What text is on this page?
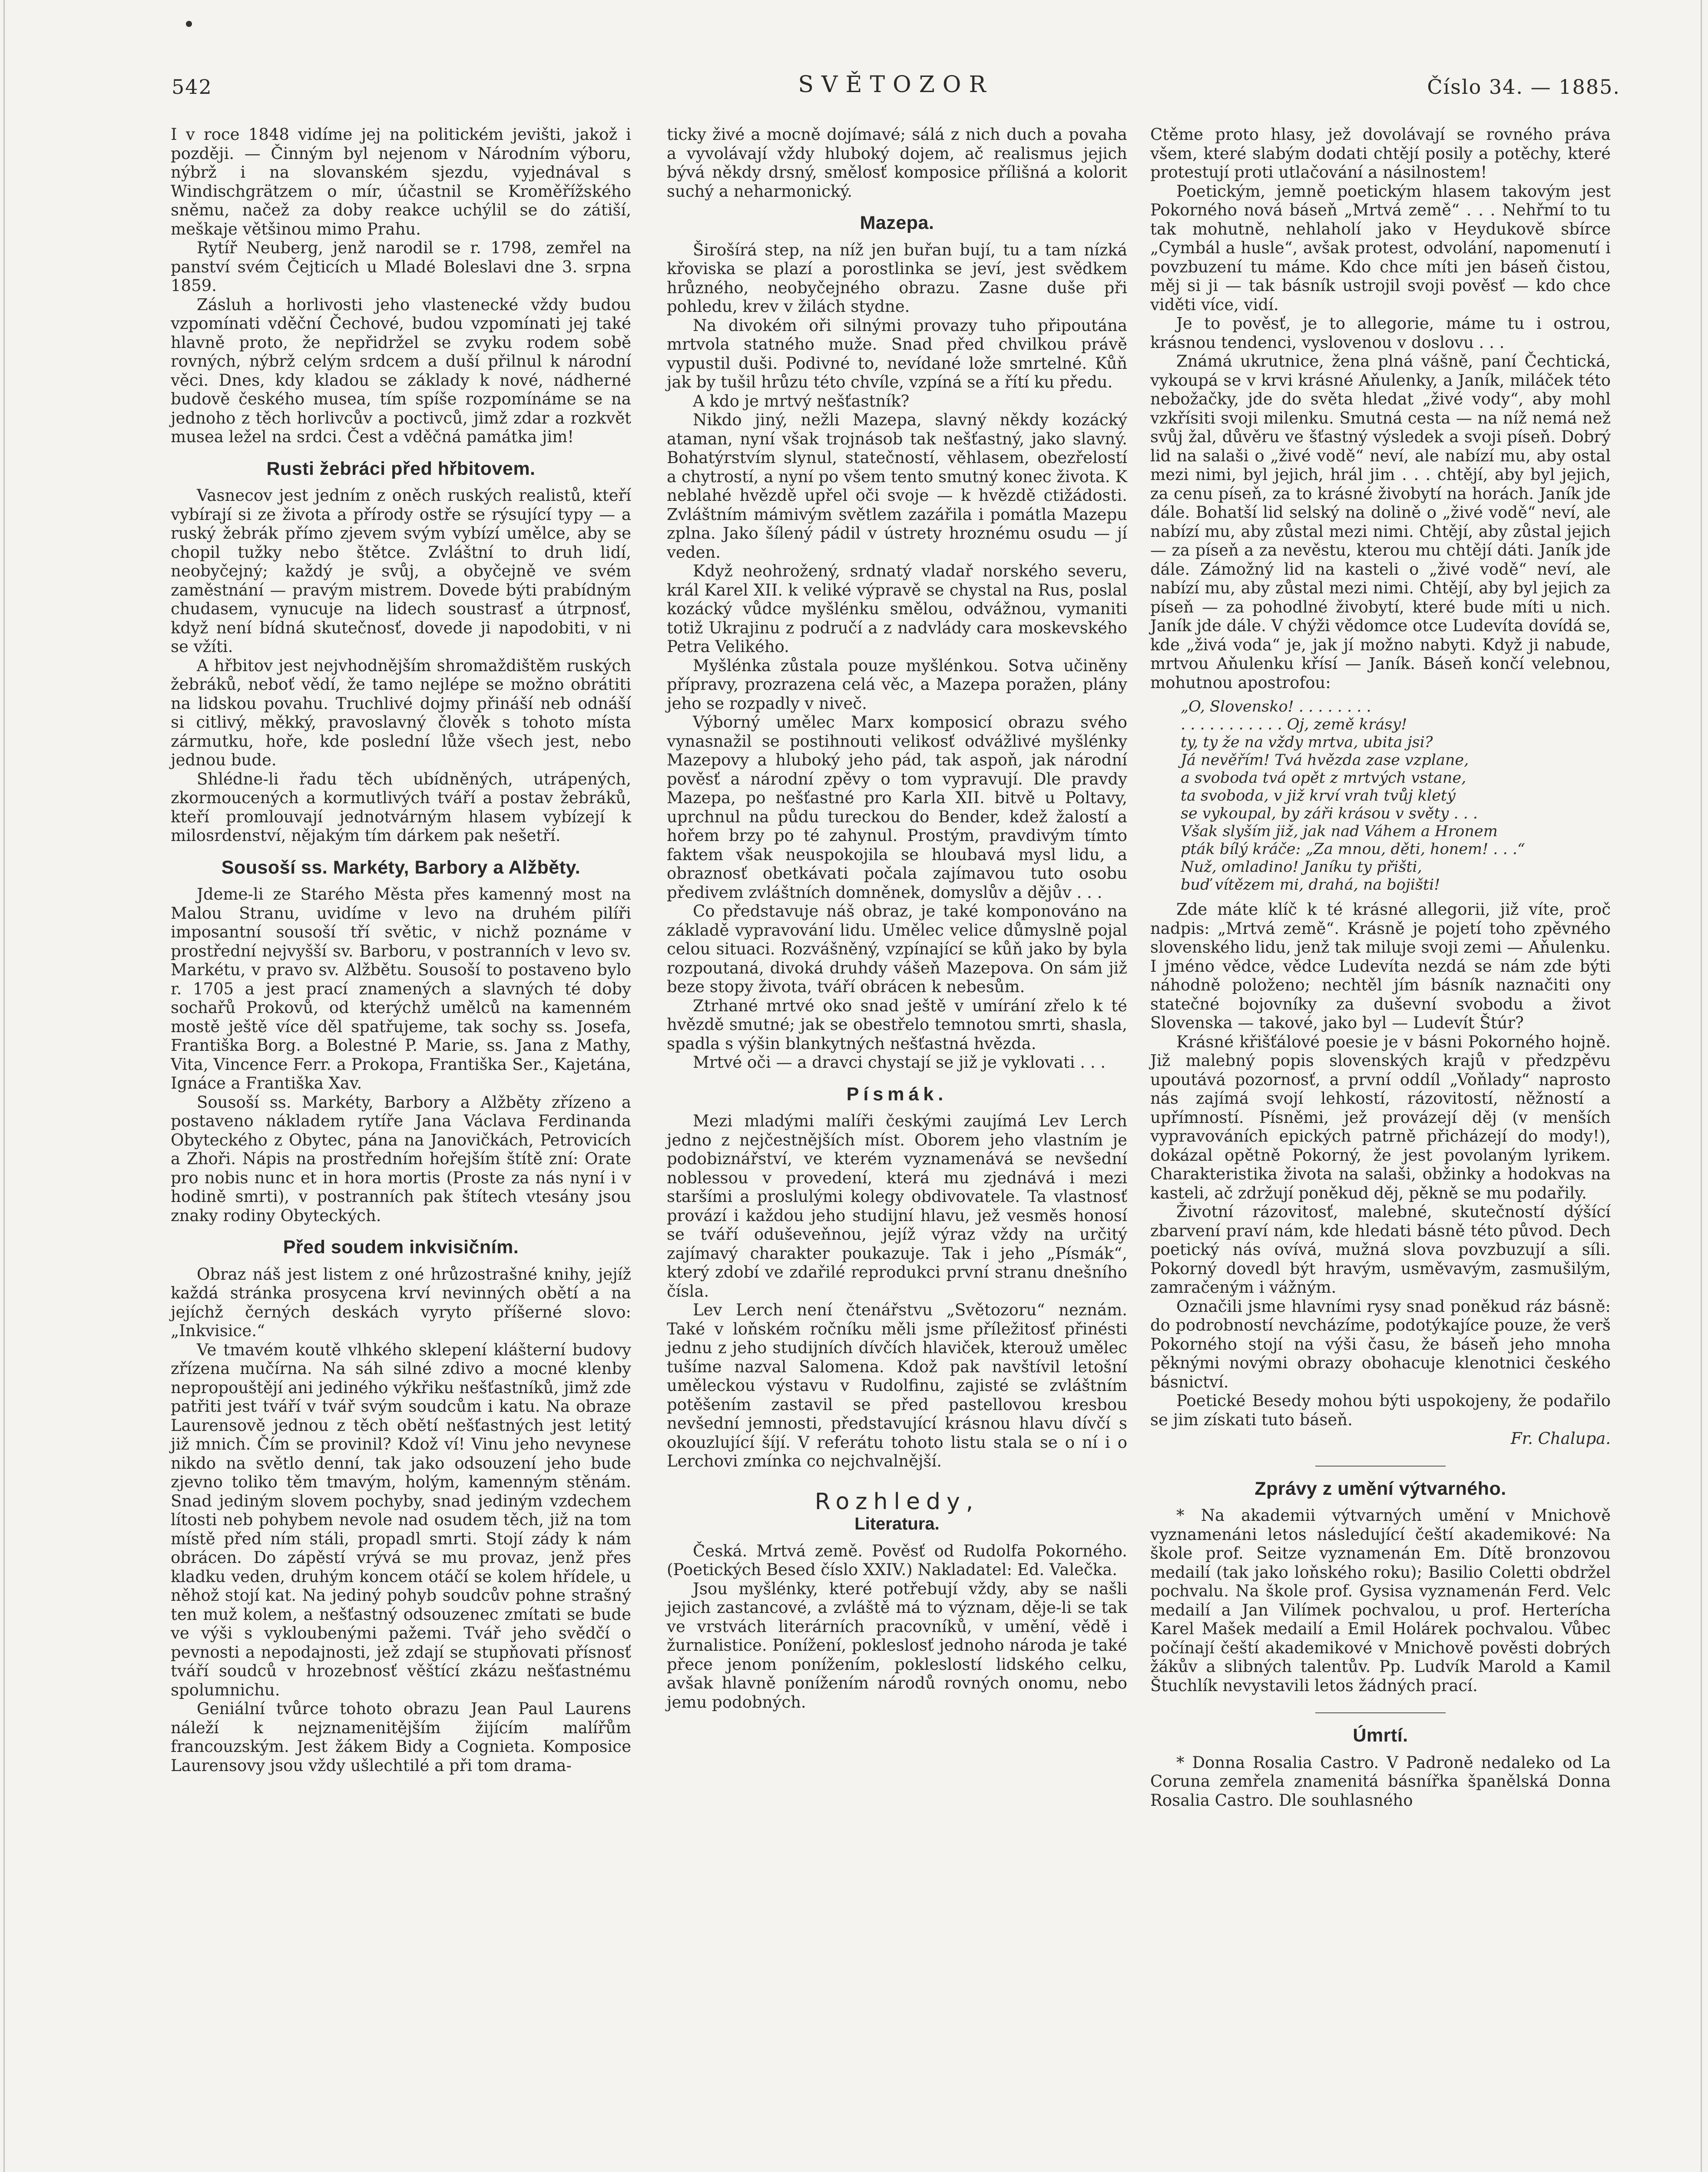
542	SVĚTOZOR	Číslo 34. — 1885.

I v roce 1848 vidíme jej na politickém jevišti, jakož i později. — Činným byl nejenom v Národním výboru, nýbrž i na slovanském sjezdu, vyjednával s Windischgrätzem o mír, účastnil se Kroměřížského sněmu, načež za doby reakce uchýlil se do zátiší, meškaje většinou mimo Prahu.

Rytíř Neuberg, jenž narodil se r. 1798, zemřel na panství svém Čejticích u Mladé Boleslavi dne 3. srpna 1859.

Zásluh a horlivosti jeho vlastenecké vždy budou vzpomínati vděční Čechové, budou vzpomínati jej také hlavně proto, že nepřidržel se zvyku rodem sobě rovných, nýbrž celým srdcem a duší přilnul k národní věci. Dnes, kdy kladou se základy k nové, nádherné budově českého musea, tím spíše rozpomínáme se na jednoho z těch horlivcův a poctivců, jimž zdar a rozkvět musea ležel na srdci. Čest a vděčná památka jim!

Rusti žebráci před hřbitovem.

Vasnecov jest jedním z oněch ruských realistů, kteří vybírají si ze života a přírody ostře se rýsující typy — a ruský žebrák přímo zjevem svým vybízí umělce, aby se chopil tužky nebo štětce. Zvláštní to druh lidí, neobyčejný; každý je svůj, a obyčejně ve svém zaměstnání — pravým mistrem. Dovede býti prabídným chudasem, vynucuje na lidech soustrasť a útrpnosť, když není bídná skutečnosť, dovede ji napodobiti, v ni se vžíti.

A hřbitov jest nejvhodnějším shromaždištěm ruských žebráků, neboť vědí, že tamo nejlépe se možno obrátiti na lidskou povahu. Truchlivé dojmy přináší neb odnáší si citlivý, měkký, pravoslavný člověk s tohoto místa zármutku, hoře, kde poslední lůže všech jest, nebo jednou bude.

Shlédne-li řadu těch ubídněných, utrápených, zkormoucených a kormutlivých tváří a postav žebráků, kteří promlouvají jednotvárným hlasem vybízejí k milosrdenství, nějakým tím dárkem pak nešetří.

Sousoší ss. Markéty, Barbory a Alžběty.

Jdeme-li ze Starého Města přes kamenný most na Malou Stranu, uvidíme v levo na druhém pilíři imposantní sousoší tří světic, v nichž poznáme v prostřední nejvyšší sv. Barboru, v postranních v levo sv. Markétu, v pravo sv. Alžbětu. Sousoší to postaveno bylo r. 1705 a jest prací znamených a slavných té doby sochařů Prokovů, od kterýchž umělců na kamenném mostě ještě více děl spatřujeme, tak sochy ss. Josefa, Františka Borg. a Bolestné P. Marie, ss. Jana z Mathy, Vita, Vincence Ferr. a Prokopa, Františka Ser., Kajetána, Ignáce a Františka Xav.

Sousoší ss. Markéty, Barbory a Alžběty zřízeno a postaveno nákladem rytíře Jana Václava Ferdinanda Obyteckého z Obytec, pána na Janovičkách, Petrovicích a Zhoři. Nápis na prostředním hořejším štítě zní: Orate pro nobis nunc et in hora mortis (Proste za nás nyní i v hodině smrti), v postranních pak štítech vtesány jsou znaky rodiny Obyteckých.

Před soudem inkvisičním.

Obraz náš jest listem z oné hrůzostrašné knihy, jejíž každá stránka prosycena krví nevinných obětí a na jejíchž černých deskách vyryto příšerné slovo: „Inkvisice.“

Ve tmavém koutě vlhkého sklepení klášterní budovy zřízena mučírna. Na sáh silné zdivo a mocné klenby nepropouštějí ani jediného výkřiku nešťastníků, jimž zde patřiti jest tváří v tvář svým soudcům i katu. Na obraze Laurensově jednou z těch obětí nešťastných jest letitý již mnich. Čím se provinil? Kdož ví! Vinu jeho nevynese nikdo na světlo denní, tak jako odsouzení jeho bude zjevno toliko těm tmavým, holým, kamenným stěnám. Snad jediným slovem pochyby, snad jediným vzdechem lítosti neb pohybem nevole nad osudem těch, již na tom místě před ním stáli, propadl smrti. Stojí zády k nám obrácen. Do zápěstí vrývá se mu provaz, jenž přes kladku veden, druhým koncem otáčí se kolem hřídele, u něhož stojí kat. Na jediný pohyb soudcův pohne strašný ten muž kolem, a nešťastný odsouzenec zmítati se bude ve výši s vykloubenými pažemi. Tvář jeho svědčí o pevnosti a nepodajnosti, jež zdají se stupňovati přísnosť tváří soudců v hrozebnosť věštící zkázu nešťastnému spolumnichu.

Geniální tvůrce tohoto obrazu Jean Paul Laurens náleží k nejznamenitějším žijícím malířům francouzským. Jest žákem Bidy a Cognieta. Komposice Laurensovy jsou vždy ušlechtilé a při tom drama-

ticky živé a mocně dojímavé; sálá z nich duch a povaha a vyvolávají vždy hluboký dojem, ač realismus jejich bývá někdy drsný, smělosť komposice přílišná a kolorit suchý a neharmonický.

Mazepa.

Širošírá step, na níž jen buřan bují, tu a tam nízká křoviska se plazí a porostlinka se jeví, jest svědkem hrůzného, neobyčejného obrazu. Zasne duše při pohledu, krev v žilách stydne.

Na divokém oři silnými provazy tuho připoutána mrtvola statného muže. Snad před chvilkou právě vypustil duši. Podivné to, nevídané lože smrtelné. Kůň jak by tušil hrůzu této chvíle, vzpíná se a řítí ku předu.

A kdo je mrtvý nešťastník?

Nikdo jiný, nežli Mazepa, slavný někdy kozácký ataman, nyní však trojnásob tak nešťastný, jako slavný. Bohatýrstvím slynul, statečností, věhlasem, obezřelostí a chytrostí, a nyní po všem tento smutný konec života. K neblahé hvězdě upřel oči svoje — k hvězdě ctižádosti. Zvláštním mámivým světlem zazářila i pomátla Mazepu zplna. Jako šílený pádil v ústrety hroznému osudu — jí veden.

Když neohrožený, srdnatý vladař norského severu, král Karel XII. k veliké výpravě se chystal na Rus, poslal kozácký vůdce myšlénku smělou, odvážnou, vymaniti totiž Ukrajinu z područí a z nadvlády cara moskevského Petra Velikého.

Myšlénka zůstala pouze myšlénkou. Sotva učiněny přípravy, prozrazena celá věc, a Mazepa poražen, plány jeho se rozpadly v niveč.

Výborný umělec Marx komposicí obrazu svého vynasnažil se postihnouti velikosť odvážlivé myšlénky Mazepovy a hluboký jeho pád, tak aspoň, jak národní pověsť a národní zpěvy o tom vypravují. Dle pravdy Mazepa, po nešťastné pro Karla XII. bitvě u Poltavy, uprchnul na půdu tureckou do Bender, kdež žalostí a hořem brzy po té zahynul. Prostým, pravdivým tímto faktem však neuspokojila se hloubavá mysl lidu, a obraznosť obetkávati počala zajímavou tuto osobu předivem zvláštních domněnek, domyslův a dějův . . .

Co představuje náš obraz, je také komponováno na základě vypravování lidu. Umělec velice důmyslně pojal celou situaci. Rozvášněný, vzpínající se kůň jako by byla rozpoutaná, divoká druhdy vášeň Mazepova. On sám již beze stopy života, tváří obrácen k nebesům.

Ztrhané mrtvé oko snad ještě v umírání zřelo k té hvězdě smutné; jak se obestřelo temnotou smrti, shasla, spadla s výšin blankytných nešťastná hvězda.

Mrtvé oči — a dravci chystají se již je vyklovati . . .

Písmák.

Mezi mladými malíři českými zaujímá Lev Lerch jedno z nejčestnějších míst. Oborem jeho vlastním je podobiznářství, ve kterém vyznamenává se nevšední noblessou v provedení, která mu zjednává i mezi staršími a proslulými kolegy obdivovatele. Ta vlastnosť provází i každou jeho studijní hlavu, jež vesměs honosí se tváří oduševeňnou, jejíž výraz vždy na určitý zajímavý charakter poukazuje. Tak i jeho „Písmák“, který zdobí ve zdařilé reprodukci první stranu dnešního čísla.

Lev Lerch není čtenářstvu „Světozoru“ neznám. Také v loňském ročníku měli jsme příležitosť přinésti jednu z jeho studijních dívčích hlaviček, kterouž umělec tušíme nazval Salomena. Kdož pak navštívil letošní uměleckou výstavu v Rudolfinu, zajisté se zvláštním potěšením zastavil se před pastellovou kresbou nevšední jemnosti, představující krásnou hlavu dívčí s okouzlující šíjí. V referátu tohoto listu stala se o ní i o Lerchovi zmínka co nejchvalnější.

Rozhledy,
Literatura.

Česká. Mrtvá země. Pověsť od Rudolfa Pokorného. (Poetických Besed číslo XXIV.) Nakladatel: Ed. Valečka.

Jsou myšlénky, které potřebují vždy, aby se našli jejich zastancové, a zvláště má to význam, děje-li se tak ve vrstvách literárních pracovníků, v umění, vědě i žurnalistice. Ponížení, pokleslosť jednoho národa je také přece jenom ponížením, pokleslostí lidského celku, avšak hlavně ponížením národů rovných onomu, nebo jemu podobných.

Ctěme proto hlasy, jež dovolávají se rovného práva všem, které slabým dodati chtějí posily a potěchy, které protestují proti utlačování a násilnostem!

Poetickým, jemně poetickým hlasem takovým jest Pokorného nová báseň „Mrtvá země“ . . . Nehřmí to tu tak mohutně, nehlaholí jako v Heydukově sbírce „Cymbál a husle“, avšak protest, odvolání, napomenutí i povzbuzení tu máme. Kdo chce míti jen báseň čistou, měj si ji — tak básník ustrojil svoji pověsť — kdo chce viděti více, vidí.

Je to pověsť, je to allegorie, máme tu i ostrou, krásnou tendenci, vyslovenou v doslovu . . .

Známá ukrutnice, žena plná vášně, paní Čechtická, vykoupá se v krvi krásné Aňulenky, a Janík, miláček této nebožačky, jde do světa hledat „živé vody“, aby mohl vzkřísiti svoji milenku. Smutná cesta — na níž nemá než svůj žal, důvěru ve šťastný výsledek a svoji píseň. Dobrý lid na salaši o „živé vodě“ neví, ale nabízí mu, aby ostal mezi nimi, byl jejich, hrál jim . . . chtějí, aby byl jejich, za cenu píseň, za to krásné živobytí na horách. Janík jde dále. Bohatší lid selský na dolině o „živé vodě“ neví, ale nabízí mu, aby zůstal mezi nimi. Chtějí, aby zůstal jejich — za píseň a za nevěstu, kterou mu chtějí dáti. Janík jde dále. Zámožný lid na kasteli o „živé vodě“ neví, ale nabízí mu, aby zůstal mezi nimi. Chtějí, aby byl jejich za píseň — za pohodlné živobytí, které bude míti u nich. Janík jde dále. V chýži vědomce otce Ludevíta dovídá se, kde „živá voda“ je, jak jí možno nabyti. Když ji nabude, mrtvou Aňulenku křísí — Janík. Báseň končí velebnou, mohutnou apostrofou:

„O, Slovensko! . . . . . . . .
. . . . . . . . . . . Oj, země krásy!
ty, ty že na vždy mrtva, ubita jsi?
Já nevěřím! Tvá hvězda zase vzplane,
a svoboda tvá opět z mrtvých vstane,
ta svoboda, v již krví vrah tvůj kletý
se vykoupal, by záři krásou v světy . . .
Však slyším již, jak nad Váhem a Hronem
pták bílý kráče: „Za mnou, děti, honem! . . .“
Nuž, omladino! Janíku ty přišti,
buď vítězem mi, drahá, na bojišti!

Zde máte klíč k té krásné allegorii, již víte, proč nadpis: „Mrtvá země“. Krásně je pojetí toho zpěvného slovenského lidu, jenž tak miluje svoji zemi — Aňulenku. I jméno vědce, vědce Ludevíta nezdá se nám zde býti náhodně položeno; nechtěl jím básník naznačiti ony statečné bojovníky za duševní svobodu a život Slovenska — takové, jako byl — Ludevít Štúr?

Krásné křišťálové poesie je v básni Pokorného hojně. Již malebný popis slovenských krajů v předzpěvu upoutává pozornosť, a první oddíl „Voňlady“ naprosto nás zajímá svojí lehkostí, rázovitostí, něžností a upřímností. Písněmi, jež provázejí děj (v menších vypravováních epických patrně přicházejí do mody!), dokázal opětně Pokorný, že jest povolaným lyrikem. Charakteristika života na salaši, obžinky a hodokvas na kasteli, ač zdržují poněkud děj, pěkně se mu podařily.

Životní rázovitosť, malebné, skutečností dýšící zbarvení praví nám, kde hledati básně této původ. Dech poetický nás ovívá, mužná slova povzbuzují a síli. Pokorný dovedl být hravým, usměvavým, zasmušilým, zamračeným i vážným.

Označili jsme hlavními rysy snad poněkud ráz básně: do podrobností nevcházíme, podotýkajíce pouze, že verš Pokorného stojí na výši času, že báseň jeho mnoha pěknými novými obrazy obohacuje klenotnici českého básnictví.

Poetické Besedy mohou býti uspokojeny, že podařilo se jim získati tuto báseň.

Fr. Chalupa.
Zprávy z umění výtvarného.

* Na akademii výtvarných umění v Mnichově vyznamenáni letos následující čeští akademikové: Na škole prof. Seitze vyznamenán Em. Dítě bronzovou medailí (tak jako loňského roku); Basilio Coletti obdržel pochvalu. Na škole prof. Gysisa vyznamenán Ferd. Velc medailí a Jan Vilímek pochvalou, u prof. Herterícha Karel Mašek medailí a Emil Holárek pochvalou. Vůbec počínají čeští akademikové v Mnichově pověsti dobrých žákův a slibných talentův. Pp. Ludvík Marold a Kamil Štuchlík nevystavili letos žádných prací.

Úmrtí.

* Donna Rosalia Castro. V Padroně nedaleko od La Coruna zemřela znamenitá básnířka španělská Donna Rosalia Castro. Dle souhlasného
